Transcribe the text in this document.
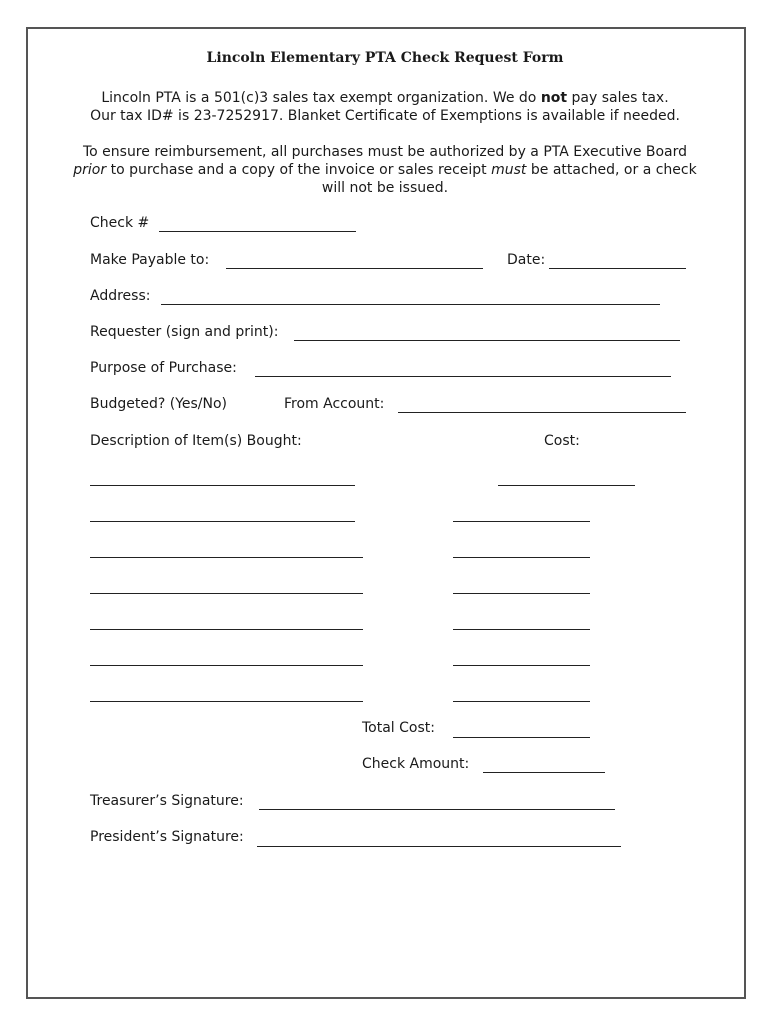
Lincoln Elementary PTA Check Request Form
Lincoln PTA is a 501(c)3 sales tax exempt organization. We do not pay sales tax.
Our tax ID# is 23-7252917. Blanket Certificate of Exemptions is available if needed.
To ensure reimbursement, all purchases must be authorized by a PTA Executive Board
prior to purchase and a copy of the invoice or sales receipt must be attached, or a check
will not be issued.
Check #
Make Payable to:	Date:
Address:
Requester (sign and print):
Purpose of Purchase:
Budgeted? (Yes/No)	From Account:
Description of Item(s) Bought:	Cost:
Total Cost:
Check Amount:
Treasurer’s Signature:
President’s Signature:
